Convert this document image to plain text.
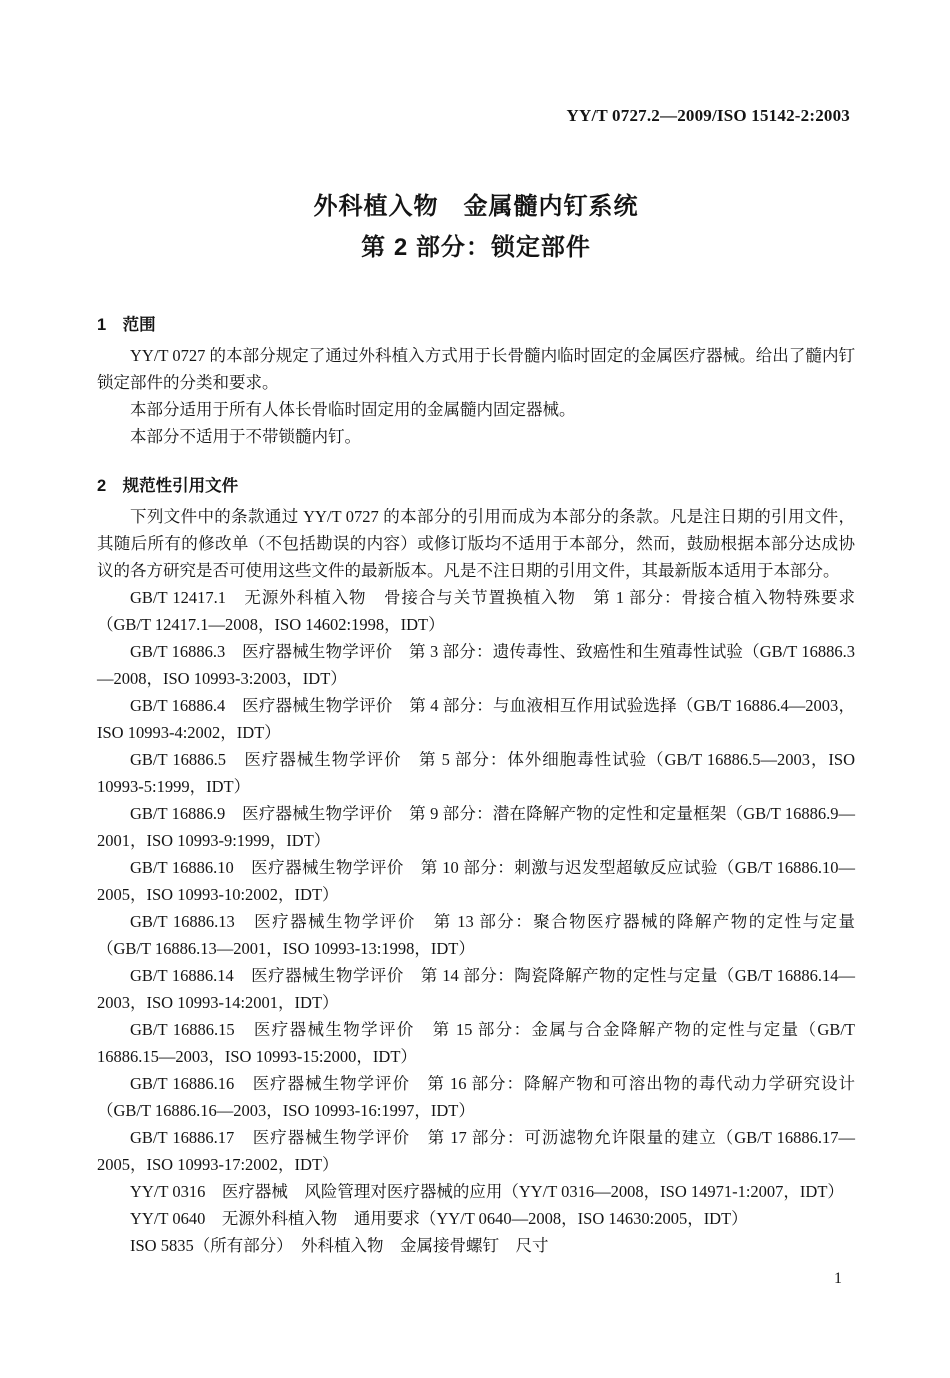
YY/T 0727.2—2009/ISO 15142-2:2003
外科植入物　金属髓内钉系统
第 2 部分：锁定部件
1　范围

YY/T 0727 的本部分规定了通过外科植入方式用于长骨髓内临时固定的金属医疗器械。给出了髓内钉锁定部件的分类和要求。

本部分适用于所有人体长骨临时固定用的金属髓内固定器械。

本部分不适用于不带锁髓内钉。

2　规范性引用文件

下列文件中的条款通过 YY/T 0727 的本部分的引用而成为本部分的条款。凡是注日期的引用文件，其随后所有的修改单（不包括勘误的内容）或修订版均不适用于本部分，然而，鼓励根据本部分达成协议的各方研究是否可使用这些文件的最新版本。凡是不注日期的引用文件，其最新版本适用于本部分。

GB/T 12417.1　无源外科植入物　骨接合与关节置换植入物　第 1 部分：骨接合植入物特殊要求（GB/T 12417.1—2008，ISO 14602:1998，IDT）

GB/T 16886.3　医疗器械生物学评价　第 3 部分：遗传毒性、致癌性和生殖毒性试验（GB/T 16886.3—2008，ISO 10993-3:2003，IDT）

GB/T 16886.4　医疗器械生物学评价　第 4 部分：与血液相互作用试验选择（GB/T 16886.4—2003，ISO 10993-4:2002，IDT）

GB/T 16886.5　医疗器械生物学评价　第 5 部分：体外细胞毒性试验（GB/T 16886.5—2003，ISO 10993-5:1999，IDT）

GB/T 16886.9　医疗器械生物学评价　第 9 部分：潜在降解产物的定性和定量框架（GB/T 16886.9—2001，ISO 10993-9:1999，IDT）

GB/T 16886.10　医疗器械生物学评价　第 10 部分：刺激与迟发型超敏反应试验（GB/T 16886.10—2005，ISO 10993-10:2002，IDT）

GB/T 16886.13　医疗器械生物学评价　第 13 部分：聚合物医疗器械的降解产物的定性与定量（GB/T 16886.13—2001，ISO 10993-13:1998，IDT）

GB/T 16886.14　医疗器械生物学评价　第 14 部分：陶瓷降解产物的定性与定量（GB/T 16886.14—2003，ISO 10993-14:2001，IDT）

GB/T 16886.15　医疗器械生物学评价　第 15 部分：金属与合金降解产物的定性与定量（GB/T 16886.15—2003，ISO 10993-15:2000，IDT）

GB/T 16886.16　医疗器械生物学评价　第 16 部分：降解产物和可溶出物的毒代动力学研究设计（GB/T 16886.16—2003，ISO 10993-16:1997，IDT）

GB/T 16886.17　医疗器械生物学评价　第 17 部分：可沥滤物允许限量的建立（GB/T 16886.17—2005，ISO 10993-17:2002，IDT）

YY/T 0316　医疗器械　风险管理对医疗器械的应用（YY/T 0316—2008，ISO 14971-1:2007，IDT）

YY/T 0640　无源外科植入物　通用要求（YY/T 0640—2008，ISO 14630:2005，IDT）

ISO 5835（所有部分）　外科植入物　金属接骨螺钉　尺寸

1
